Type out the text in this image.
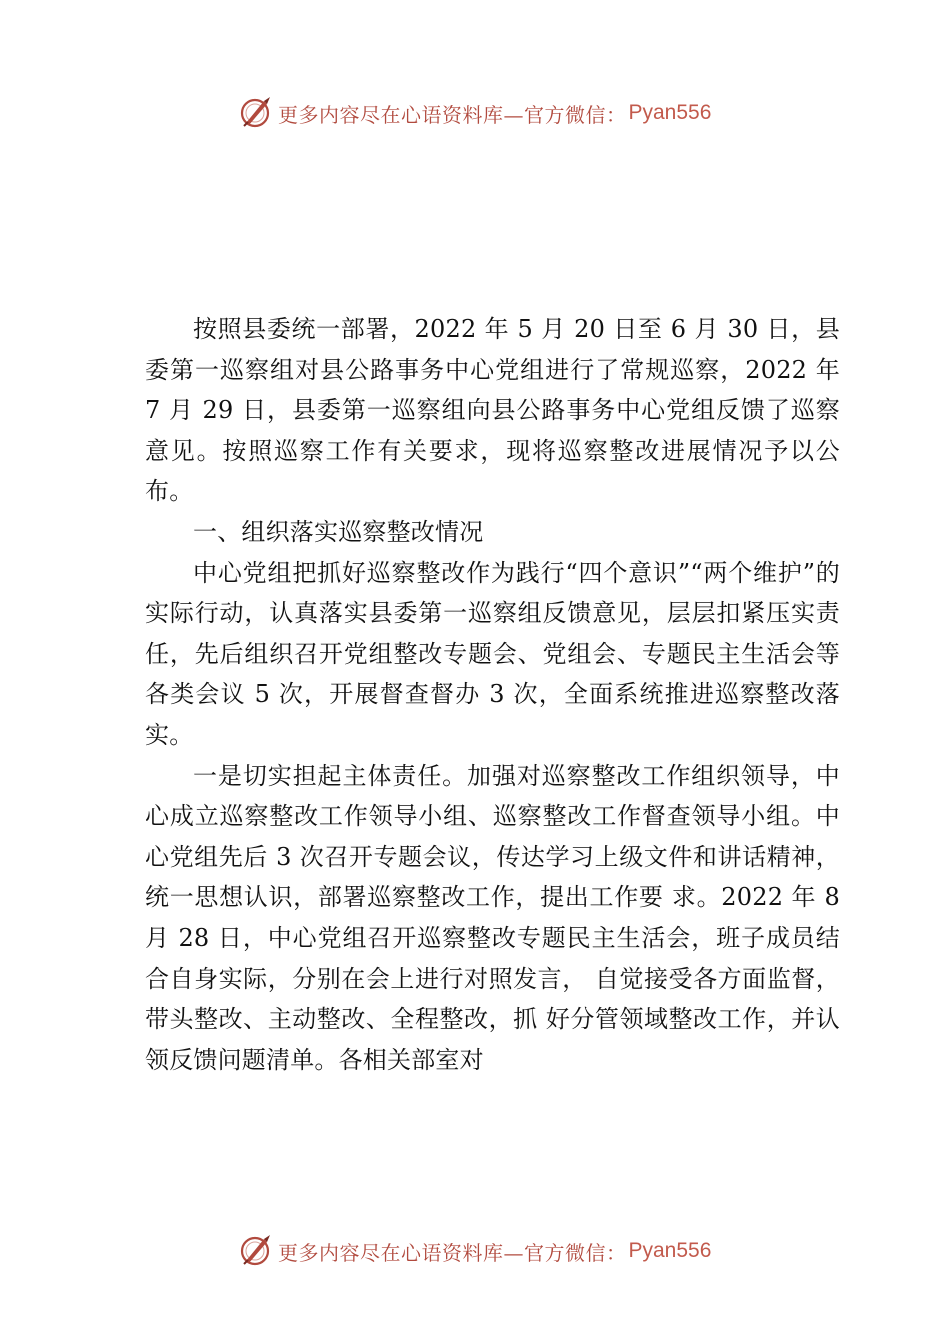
更多内容尽在心语资料库—官方微信： Pyan556

按照县委统一部署，2022 年 5 月 20 日至 6 月 30 日，县委第一巡察组对县公路事务中心党组进行了常规巡察，2022 年 7 月 29 日，县委第一巡察组向县公路事务中心党组反馈了巡察意见。按照巡察工作有关要求，现将巡察整改进展情况予以公布。

一、组织落实巡察整改情况

中心党组把抓好巡察整改作为践行“四个意识”“两个维护”的实际行动，认真落实县委第一巡察组反馈意见，层层扣紧压实责任，先后组织召开党组整改专题会、党组会、专题民主生活会等各类会议 5 次，开展督查督办 3 次，全面系统推进巡察整改落实。

一是切实担起主体责任。加强对巡察整改工作组织领导，中心成立巡察整改工作领导小组、巡察整改工作督查领导小组。中心党组先后 3 次召开专题会议，传达学习上级文件和讲话精神，统一思想认识，部署巡察整改工作，提出工作要 求。2022 年 8 月 28 日，中心党组召开巡察整改专题民主生活会，班子成员结合自身实际，分别在会上进行对照发言， 自觉接受各方面监督，带头整改、主动整改、全程整改，抓 好分管领域整改工作，并认领反馈问题清单。各相关部室对

更多内容尽在心语资料库—官方微信： Pyan556
